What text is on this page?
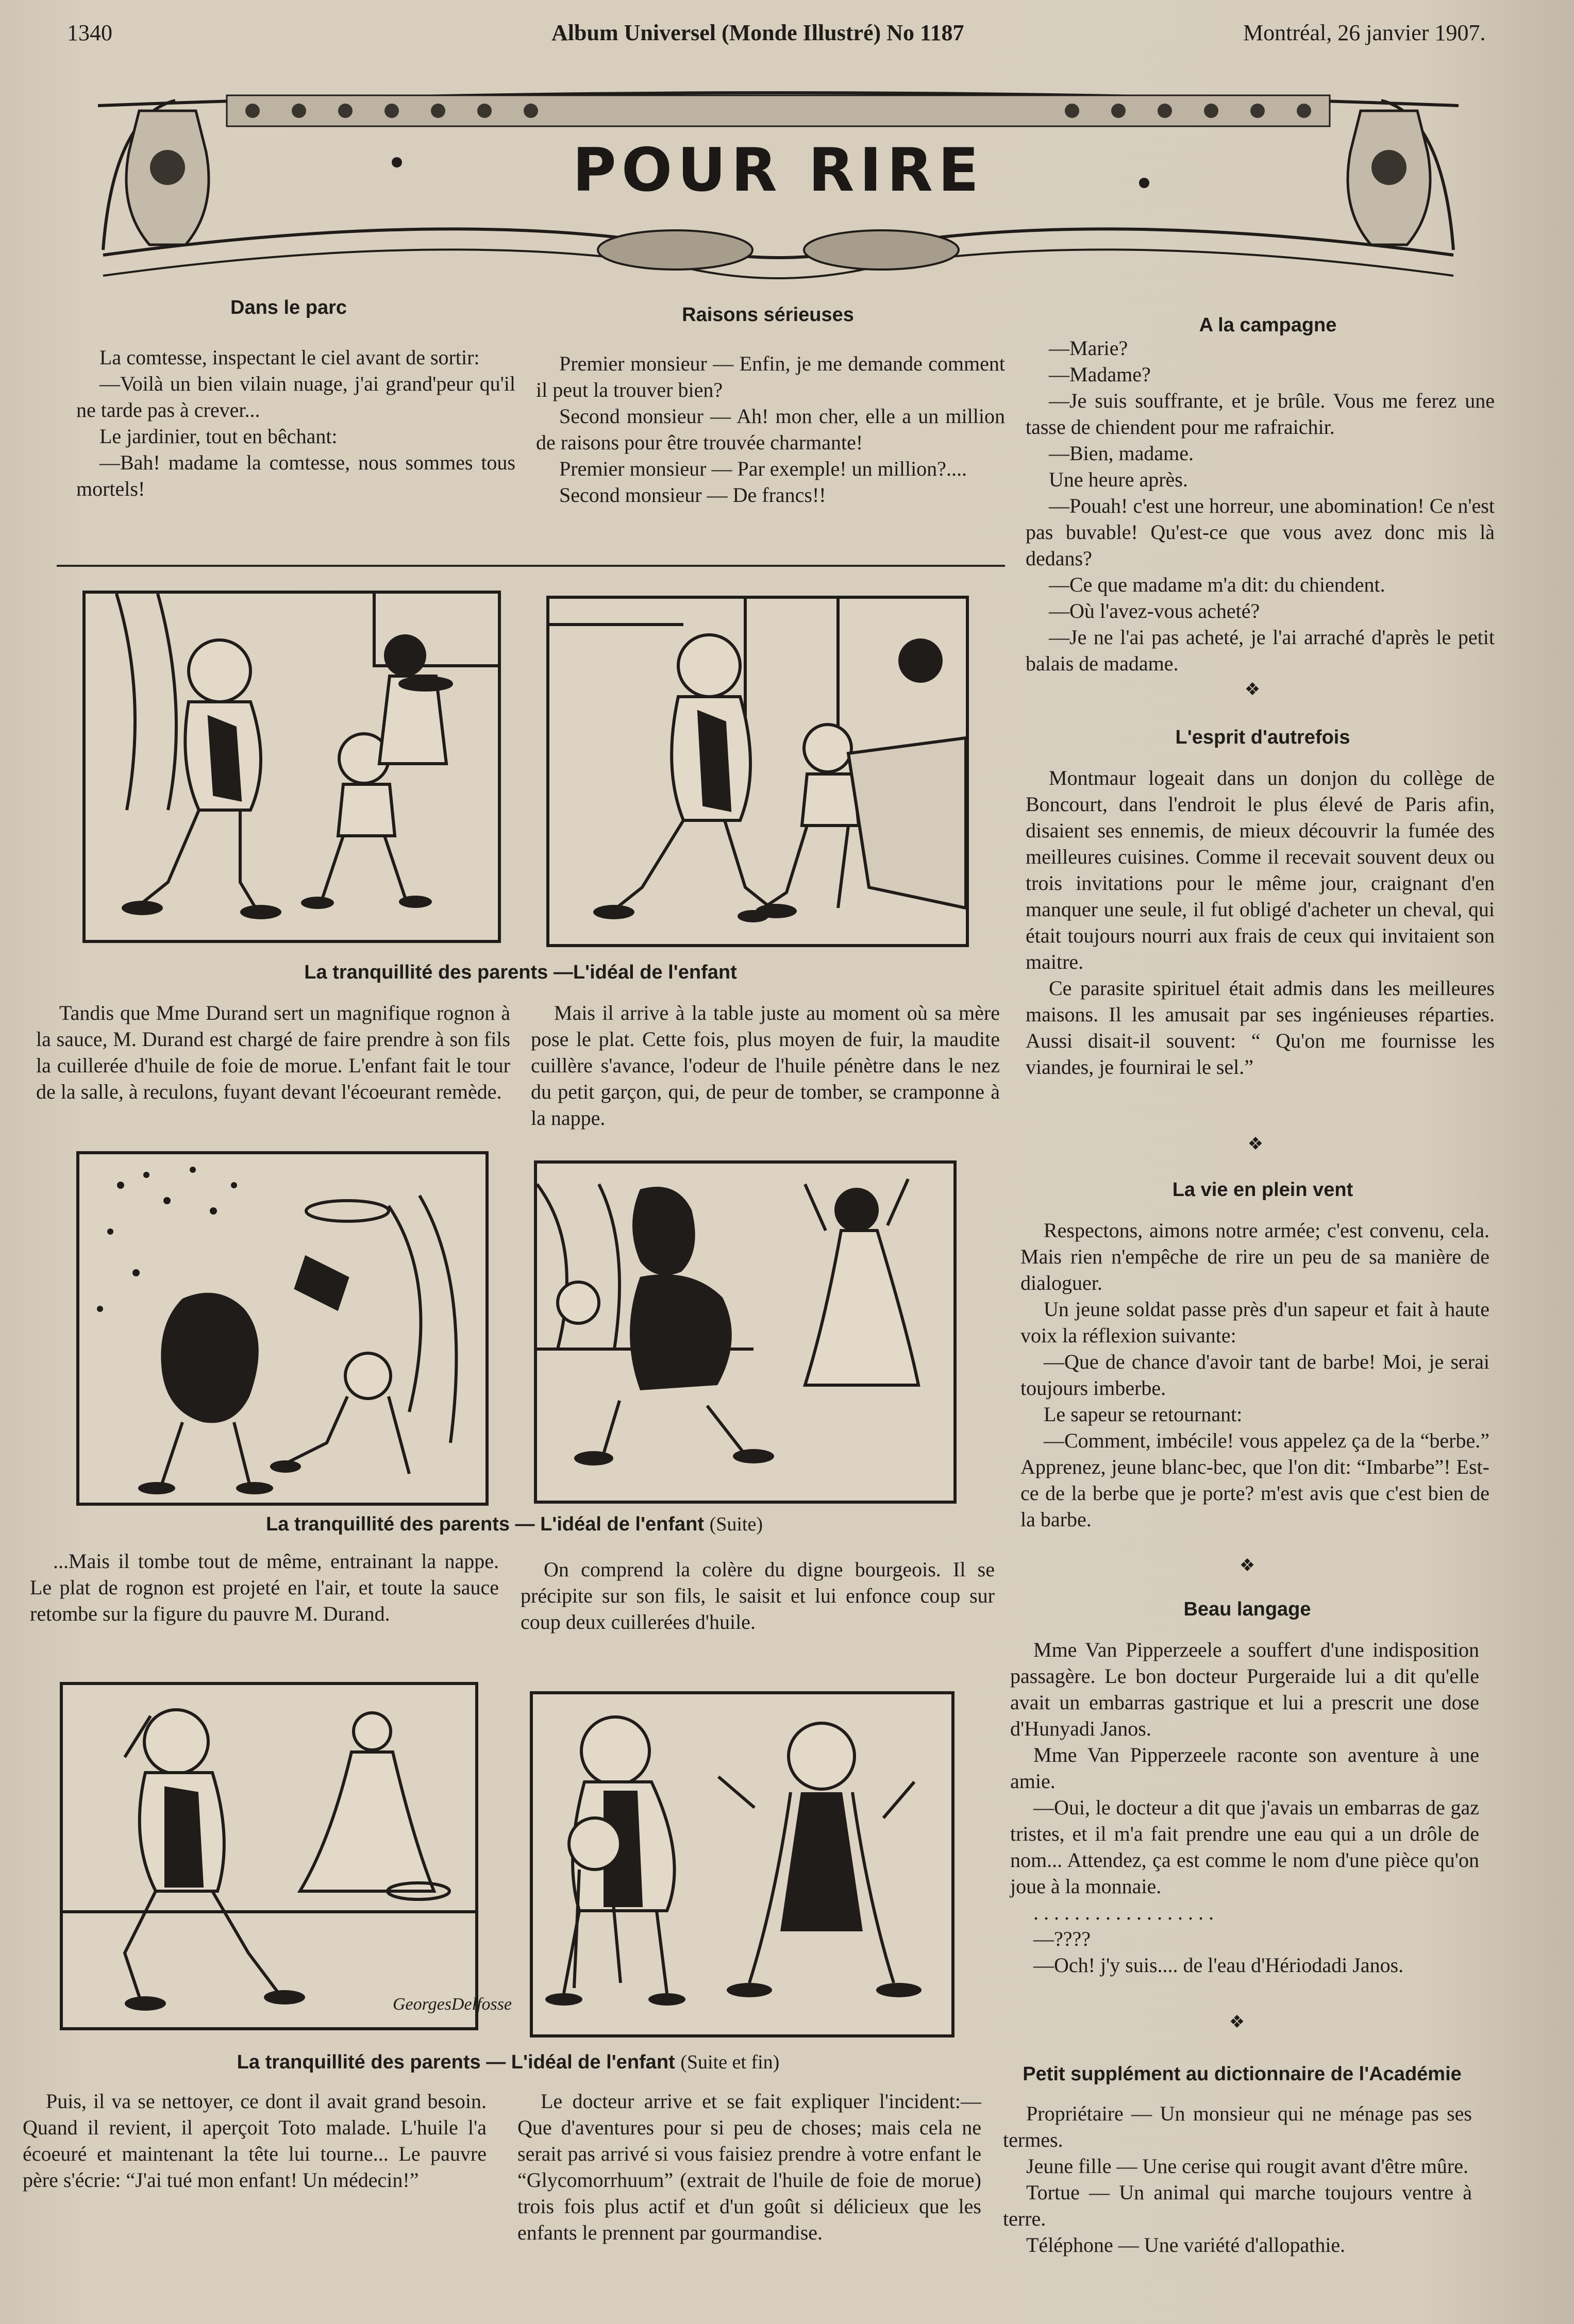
1340	Album Universel (Monde Illustré) No 1187	Montréal, 26 janvier 1907.
POUR RIRE
Dans le parc

La comtesse, inspectant le ciel avant de sortir:

—Voilà un bien vilain nuage, j'ai grand'peur qu'il ne tarde pas à crever...

Le jardinier, tout en bêchant:

—Bah! madame la comtesse, nous sommes tous mortels!

Raisons sérieuses

Premier monsieur — Enfin, je me demande comment il peut la trouver bien?

Second monsieur — Ah! mon cher, elle a un million de raisons pour être trouvée charmante!

Premier monsieur — Par exemple! un million?....

Second monsieur — De francs!!

La tranquillité des parents —L'idéal de l'enfant

Tandis que Mme Durand sert un magnifique rognon à la sauce, M. Durand est chargé de faire prendre à son fils la cuillerée d'huile de foie de morue. L'enfant fait le tour de la salle, à reculons, fuyant devant l'écoeurant remède.

Mais il arrive à la table juste au moment où sa mère pose le plat. Cette fois, plus moyen de fuir, la maudite cuillère s'avance, l'odeur de l'huile pénètre dans le nez du petit garçon, qui, de peur de tomber, se cramponne à la nappe.

La tranquillité des parents — L'idéal de l'enfant (Suite)

...Mais il tombe tout de même, entrainant la nappe. Le plat de rognon est projeté en l'air, et toute la sauce retombe sur la figure du pauvre M. Durand.

On comprend la colère du digne bourgeois. Il se précipite sur son fils, le saisit et lui enfonce coup sur coup deux cuillerées d'huile.

GeorgesDelfosse
La tranquillité des parents — L'idéal de l'enfant (Suite et fin)

Puis, il va se nettoyer, ce dont il avait grand besoin. Quand il revient, il aperçoit Toto malade. L'huile l'a écoeuré et maintenant la tête lui tourne... Le pauvre père s'écrie: “J'ai tué mon enfant! Un médecin!”

Le docteur arrive et se fait expliquer l'incident:—Que d'aventures pour si peu de choses; mais cela ne serait pas arrivé si vous faisiez prendre à votre enfant le “Glycomorrhuum” (extrait de l'huile de foie de morue) trois fois plus actif et d'un goût si délicieux que les enfants le prennent par gourmandise.

A la campagne

—Marie?

—Madame?

—Je suis souffrante, et je brûle. Vous me ferez une tasse de chiendent pour me rafraichir.

—Bien, madame.

Une heure après.

—Pouah! c'est une horreur, une abomination! Ce n'est pas buvable! Qu'est-ce que vous avez donc mis là dedans?

—Ce que madame m'a dit: du chiendent.

—Où l'avez-vous acheté?

—Je ne l'ai pas acheté, je l'ai arraché d'après le petit balais de madame.

❖
L'esprit d'autrefois

Montmaur logeait dans un donjon du collège de Boncourt, dans l'endroit le plus élevé de Paris afin, disaient ses ennemis, de mieux découvrir la fumée des meilleures cuisines. Comme il recevait souvent deux ou trois invitations pour le même jour, craignant d'en manquer une seule, il fut obligé d'acheter un cheval, qui était toujours nourri aux frais de ceux qui invitaient son maitre.

Ce parasite spirituel était admis dans les meilleures maisons. Il les amusait par ses ingénieuses réparties. Aussi disait-il souvent: “ Qu'on me fournisse les viandes, je fournirai le sel.”

❖
La vie en plein vent

Respectons, aimons notre armée; c'est convenu, cela. Mais rien n'empêche de rire un peu de sa manière de dialoguer.

Un jeune soldat passe près d'un sapeur et fait à haute voix la réflexion suivante:

—Que de chance d'avoir tant de barbe! Moi, je serai toujours imberbe.

Le sapeur se retournant:

—Comment, imbécile! vous appelez ça de la “berbe.” Apprenez, jeune blanc-bec, que l'on dit: “Imbarbe”! Est-ce de la berbe que je porte? m'est avis que c'est bien de la barbe.

❖
Beau langage

Mme Van Pipperzeele a souffert d'une indisposition passagère. Le bon docteur Purgeraide lui a dit qu'elle avait un embarras gastrique et lui a prescrit une dose d'Hunyadi Janos.

Mme Van Pipperzeele raconte son aventure à une amie.

—Oui, le docteur a dit que j'avais un embarras de gaz tristes, et il m'a fait prendre une eau qui a un drôle de nom... Attendez, ça est comme le nom d'une pièce qu'on joue à la monnaie.

. . . . . . . . . . . . . . . . . .

—????

—Och! j'y suis.... de l'eau d'Hériodadi Janos.

❖
Petit supplément au dictionnaire de l'Académie

Propriétaire — Un monsieur qui ne ménage pas ses termes.

Jeune fille — Une cerise qui rougit avant d'être mûre.

Tortue — Un animal qui marche toujours ventre à terre.

Téléphone — Une variété d'allopathie.
